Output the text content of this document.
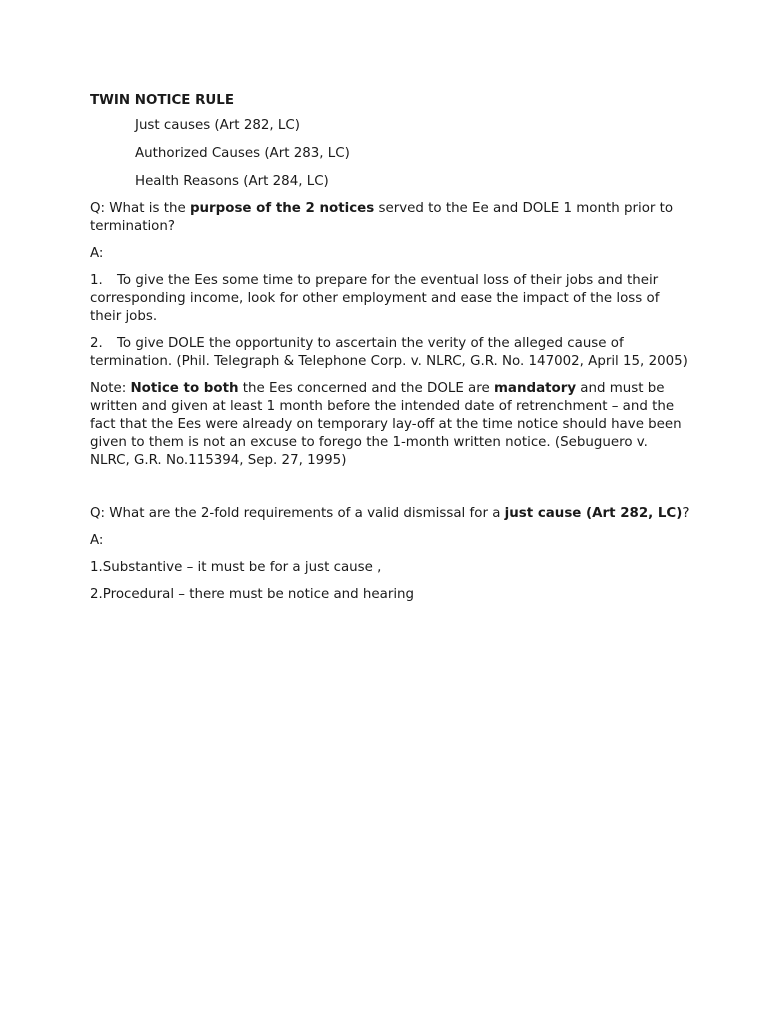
TWIN NOTICE RULE
Just causes (Art 282, LC)
Authorized Causes (Art 283, LC)
Health Reasons (Art 284, LC)
Q: What is the purpose of the 2 notices served to the Ee and DOLE 1 month prior to termination?
A:
1. To give the Ees some time to prepare for the eventual loss of their jobs and their corresponding income, look for other employment and ease the impact of the loss of their jobs.
2. To give DOLE the opportunity to ascertain the verity of the alleged cause of termination. (Phil. Telegraph & Telephone Corp. v. NLRC, G.R. No. 147002, April 15, 2005)
Note: Notice to both the Ees concerned and the DOLE are mandatory and must be written and given at least 1 month before the intended date of retrenchment – and the fact that the Ees were already on temporary lay-off at the time notice should have been given to them is not an excuse to forego the 1-month written notice. (Sebuguero v. NLRC, G.R. No.115394, Sep. 27, 1995)
Q: What are the 2-fold requirements of a valid dismissal for a just cause (Art 282, LC)?
A:
1.Substantive – it must be for a just cause ,
2.Procedural – there must be notice and hearing
